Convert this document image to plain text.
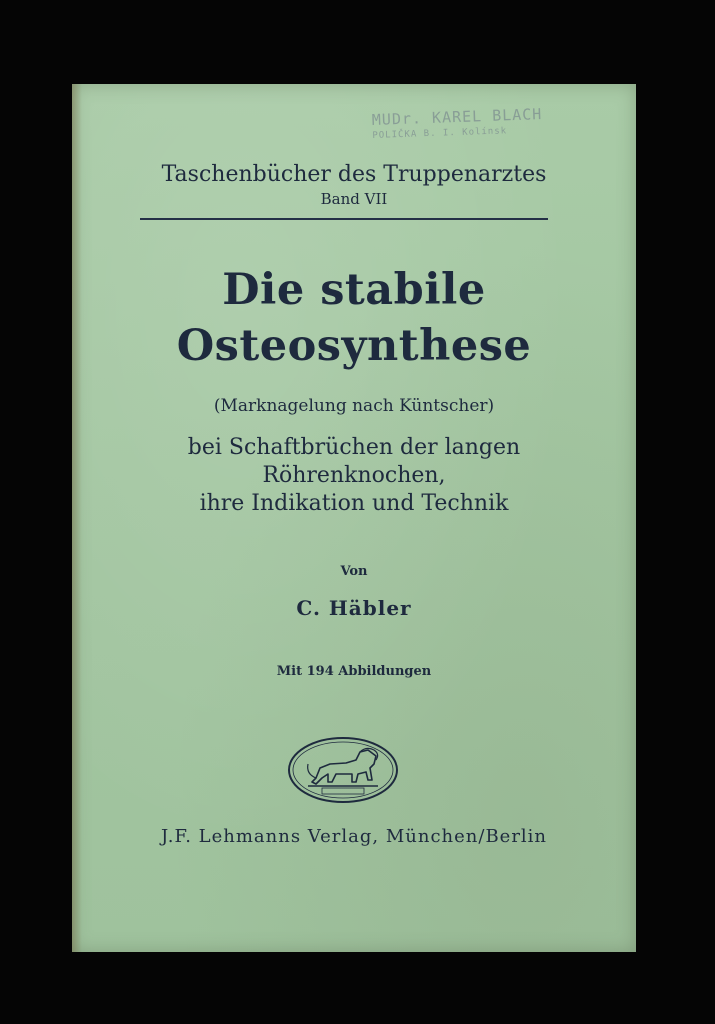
MUDr. KAREL BLACH
POLIČKA B. I. Kolínsk
Taschenbücher des Truppenarztes
Band VII
Die stabile
Osteosynthese
(Marknagelung nach Küntscher)
bei Schaftbrüchen der langen
Röhrenknochen,
ihre Indikation und Technik
Von
C. Häbler
Mit 194 Abbildungen
J.F. Lehmanns Verlag, München/Berlin
